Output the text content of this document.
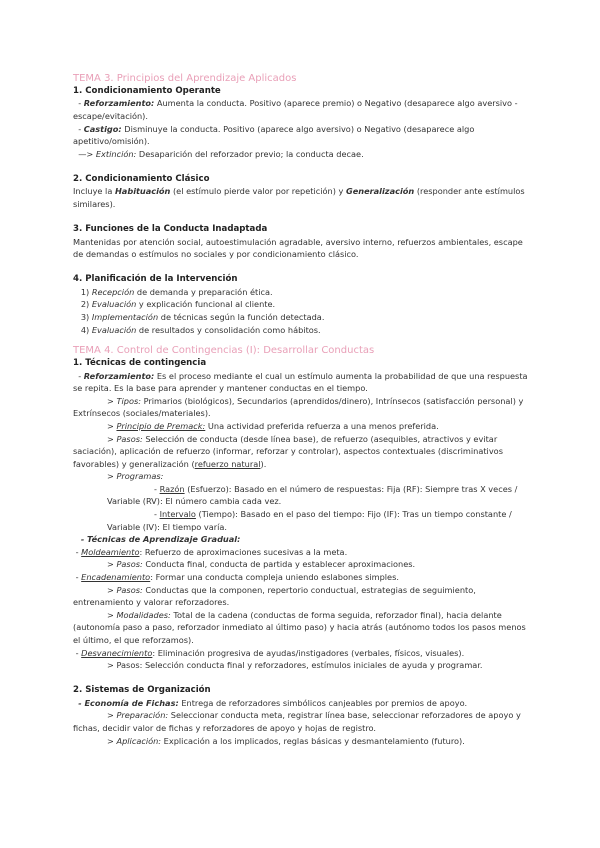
TEMA 3. Principios del Aprendizaje Aplicados

1. Condicionamiento Operante

- Reforzamiento: Aumenta la conducta. Positivo (aparece premio) o Negativo (desaparece algo aversivo - escape/evitación).

- Castigo: Disminuye la conducta. Positivo (aparece algo aversivo) o Negativo (desaparece algo apetitivo/omisión).

—> Extinción: Desaparición del reforzador previo; la conducta decae.

2. Condicionamiento Clásico

Incluye la Habituación (el estímulo pierde valor por repetición) y Generalización (responder ante estímulos similares).

3. Funciones de la Conducta Inadaptada

Mantenidas por atención social, autoestimulación agradable, aversivo interno, refuerzos ambientales, escape de demandas o estímulos no sociales y por condicionamiento clásico.

4. Planificación de la Intervención

1) Recepción de demanda y preparación ética.

2) Evaluación y explicación funcional al cliente.

3) Implementación de técnicas según la función detectada.

4) Evaluación de resultados y consolidación como hábitos.

TEMA 4. Control de Contingencias (I): Desarrollar Conductas

1. Técnicas de contingencia

- Reforzamiento: Es el proceso mediante el cual un estímulo aumenta la probabilidad de que una respuesta se repita. Es la base para aprender y mantener conductas en el tiempo.

> Tipos: Primarios (biológicos), Secundarios (aprendidos/dinero), Intrínsecos (satisfacción personal) y Extrínsecos (sociales/materiales).

> Principio de Premack: Una actividad preferida refuerza a una menos preferida.

> Pasos: Selección de conducta (desde línea base), de refuerzo (asequibles, atractivos y evitar saciación), aplicación de refuerzo (informar, reforzar y controlar), aspectos contextuales (discriminativos favorables) y generalización (refuerzo natural).

> Programas:

- Razón (Esfuerzo): Basado en el número de respuestas: Fija (RF): Siempre tras X veces / Variable (RV): El número cambia cada vez.

- Intervalo (Tiempo): Basado en el paso del tiempo: Fijo (IF): Tras un tiempo constante / Variable (IV): El tiempo varía.

- Técnicas de Aprendizaje Gradual:

- Moldeamiento: Refuerzo de aproximaciones sucesivas a la meta.

> Pasos: Conducta final, conducta de partida y establecer aproximaciones.

- Encadenamiento: Formar una conducta compleja uniendo eslabones simples.

> Pasos: Conductas que la componen, repertorio conductual, estrategias de seguimiento, entrenamiento y valorar reforzadores.

> Modalidades: Total de la cadena (conductas de forma seguida, reforzador final), hacia delante (autonomía paso a paso, reforzador inmediato al último paso) y hacia atrás (autónomo todos los pasos menos el último, el que reforzamos).

- Desvanecimiento: Eliminación progresiva de ayudas/instigadores (verbales, físicos, visuales).

> Pasos: Selección conducta final y reforzadores, estímulos iniciales de ayuda y programar.

2. Sistemas de Organización

- Economía de Fichas: Entrega de reforzadores simbólicos canjeables por premios de apoyo.

> Preparación: Seleccionar conducta meta, registrar línea base, seleccionar reforzadores de apoyo y fichas, decidir valor de fichas y reforzadores de apoyo y hojas de registro.

> Aplicación: Explicación a los implicados, reglas básicas y desmantelamiento (futuro).
